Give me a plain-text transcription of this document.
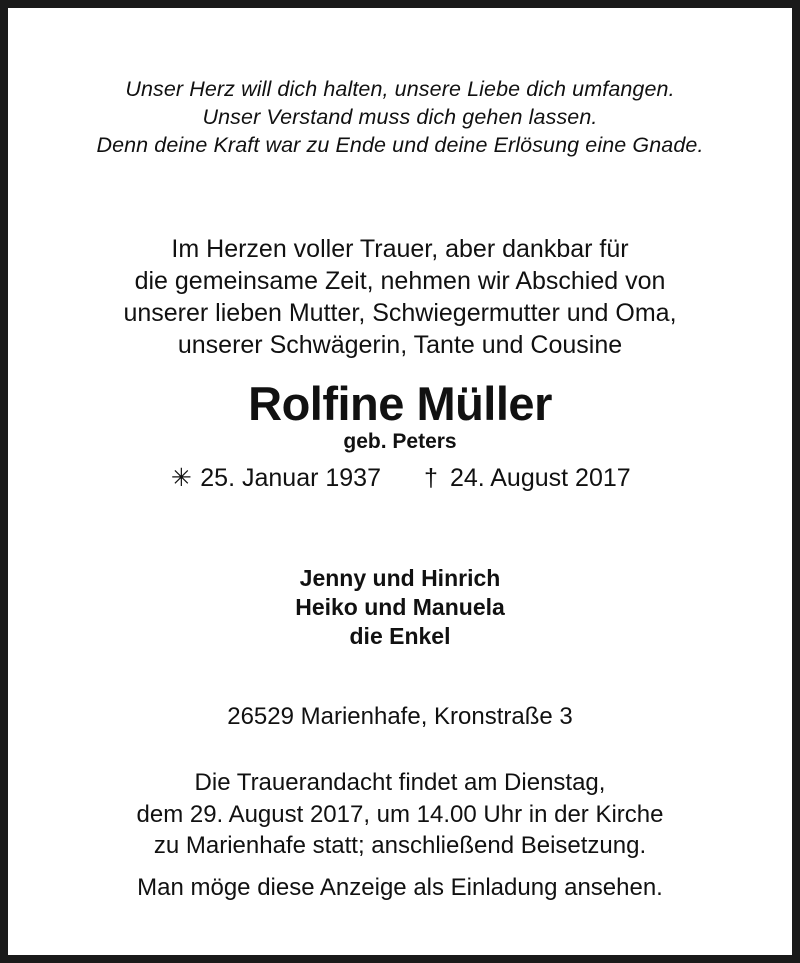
Unser Herz will dich halten, unsere Liebe dich umfangen.
Unser Verstand muss dich gehen lassen.
Denn deine Kraft war zu Ende und deine Erlösung eine Gnade.
Im Herzen voller Trauer, aber dankbar für
die gemeinsame Zeit, nehmen wir Abschied von
unserer lieben Mutter, Schwiegermutter und Oma,
unserer Schwägerin, Tante und Cousine
Rolfine Müller
geb. Peters
✳ 25. Januar 1937 † 24. August 2017
Jenny und Hinrich
Heiko und Manuela
die Enkel
26529 Marienhafe, Kronstraße 3
Die Trauerandacht findet am Dienstag,
dem 29. August 2017, um 14.00 Uhr in der Kirche
zu Marienhafe statt; anschließend Beisetzung.
Man möge diese Anzeige als Einladung ansehen.
